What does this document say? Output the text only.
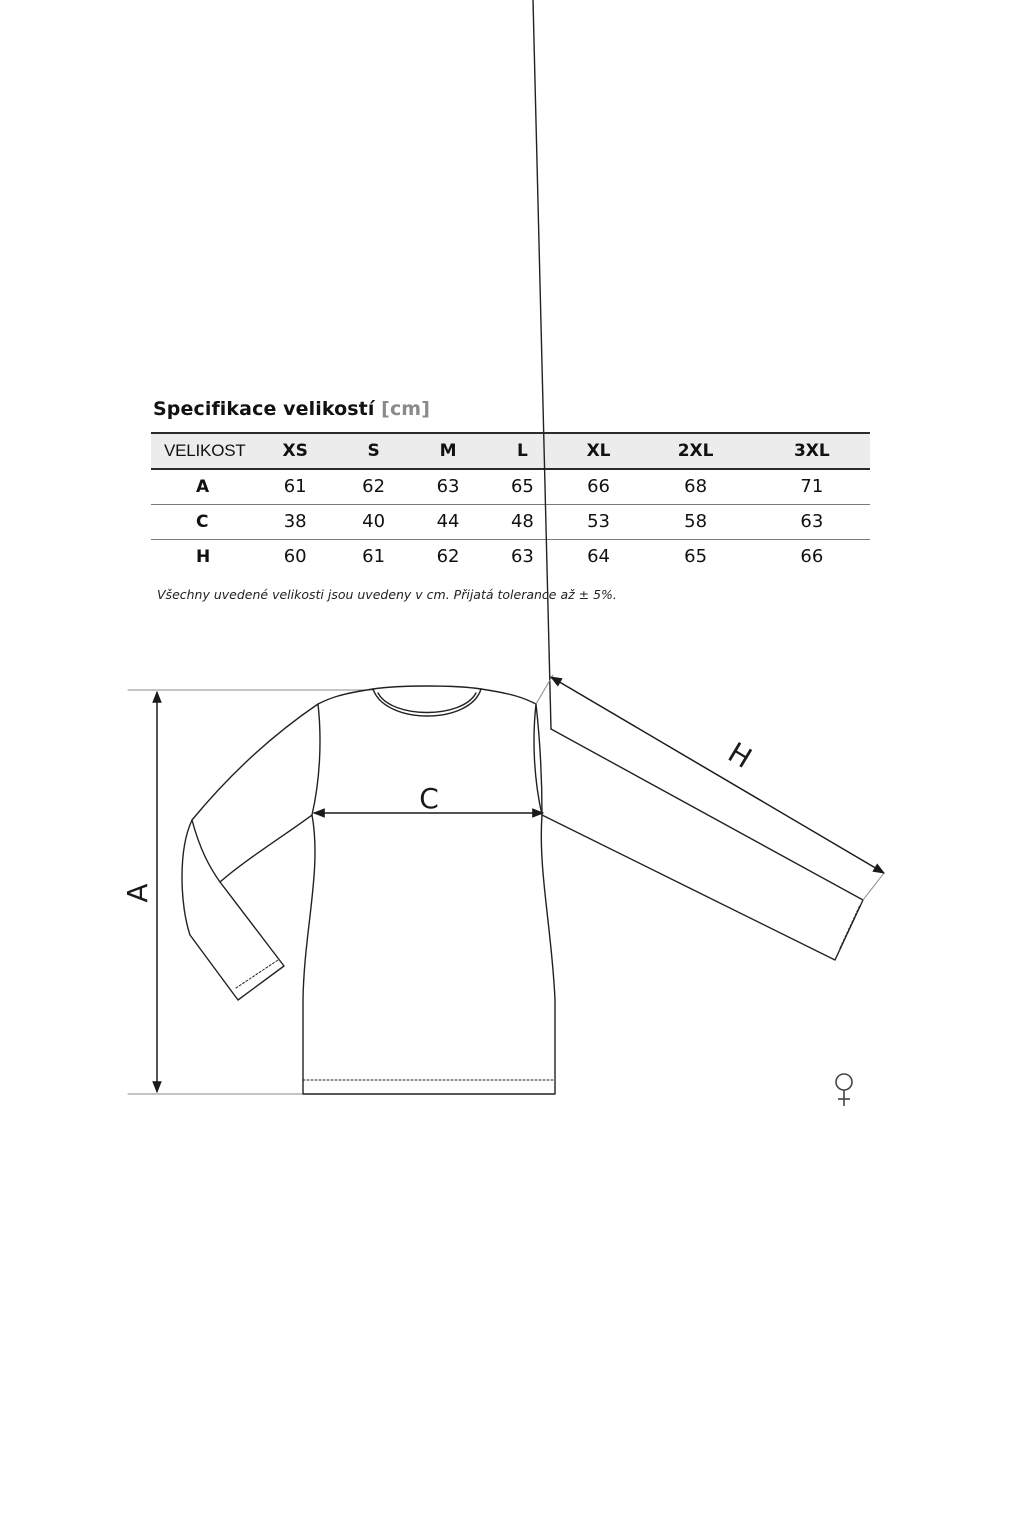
Specifikace velikostí [cm]
VELIKOST	XS	S	M	L	XL	2XL	3XL
A	61	62	63	65	66	68	71
C	38	40	44	48	53	58	63
H	60	61	62	63	64	65	66
Všechny uvedené velikosti jsou uvedeny v cm. Přijatá tolerance až ± 5%.
A
C
H
